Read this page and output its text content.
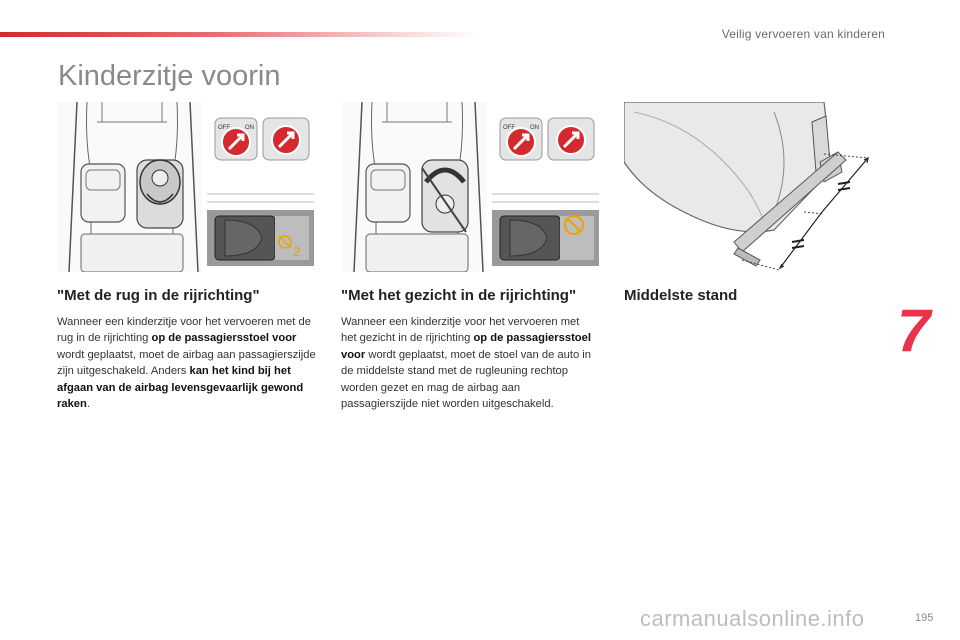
Veilig vervoeren van kinderen
Kinderzitje voorin
OFF	ON
2
OFF	ON
"Met de rug in de rijrichting"

Wanneer een kinderzitje voor het vervoeren met de rug in de rijrichting op de passagiersstoel voor wordt geplaatst, moet de airbag aan passagierszijde zijn uitgeschakeld. Anders kan het kind bij het afgaan van de airbag levensgevaarlijk gewond raken.

"Met het gezicht in de rijrichting"

Wanneer een kinderzitje voor het vervoeren met het gezicht in de rijrichting op de passagiersstoel voor wordt geplaatst, moet de stoel van de auto in de middelste stand met de rugleuning rechtop worden gezet en mag de airbag aan passagierszijde niet worden uitgeschakeld.

Middelste stand
7
carmanualsonline.info	195
